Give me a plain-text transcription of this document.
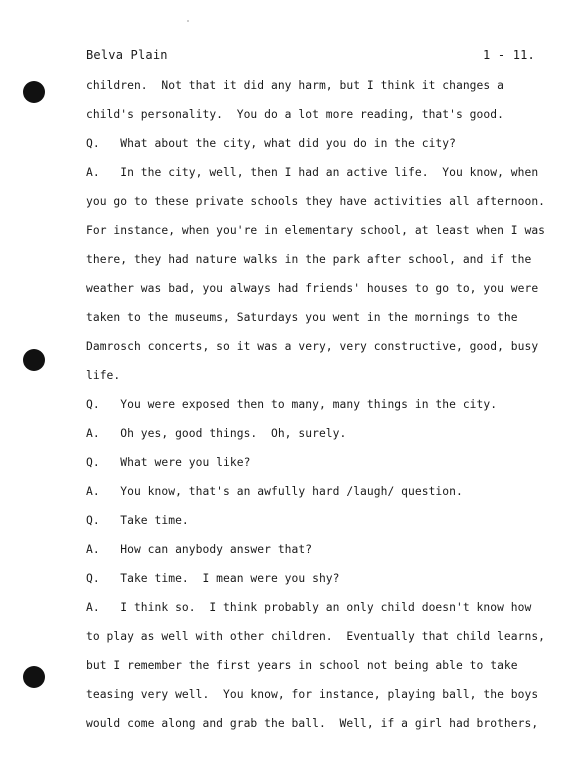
Belva Plain	1 - 11.
children.  Not that it did any harm, but I think it changes a
child's personality.  You do a lot more reading, that's good.
Q.   What about the city, what did you do in the city?
A.   In the city, well, then I had an active life.  You know, when
you go to these private schools they have activities all afternoon.
For instance, when you're in elementary school, at least when I was
there, they had nature walks in the park after school, and if the
weather was bad, you always had friends' houses to go to, you were
taken to the museums, Saturdays you went in the mornings to the
Damrosch concerts, so it was a very, very constructive, good, busy
life.
Q.   You were exposed then to many, many things in the city.
A.   Oh yes, good things.  Oh, surely.
Q.   What were you like?
A.   You know, that's an awfully hard /laugh/ question.
Q.   Take time.
A.   How can anybody answer that?
Q.   Take time.  I mean were you shy?
A.   I think so.  I think probably an only child doesn't know how
to play as well with other children.  Eventually that child learns,
but I remember the first years in school not being able to take
teasing very well.  You know, for instance, playing ball, the boys
would come along and grab the ball.  Well, if a girl had brothers,
